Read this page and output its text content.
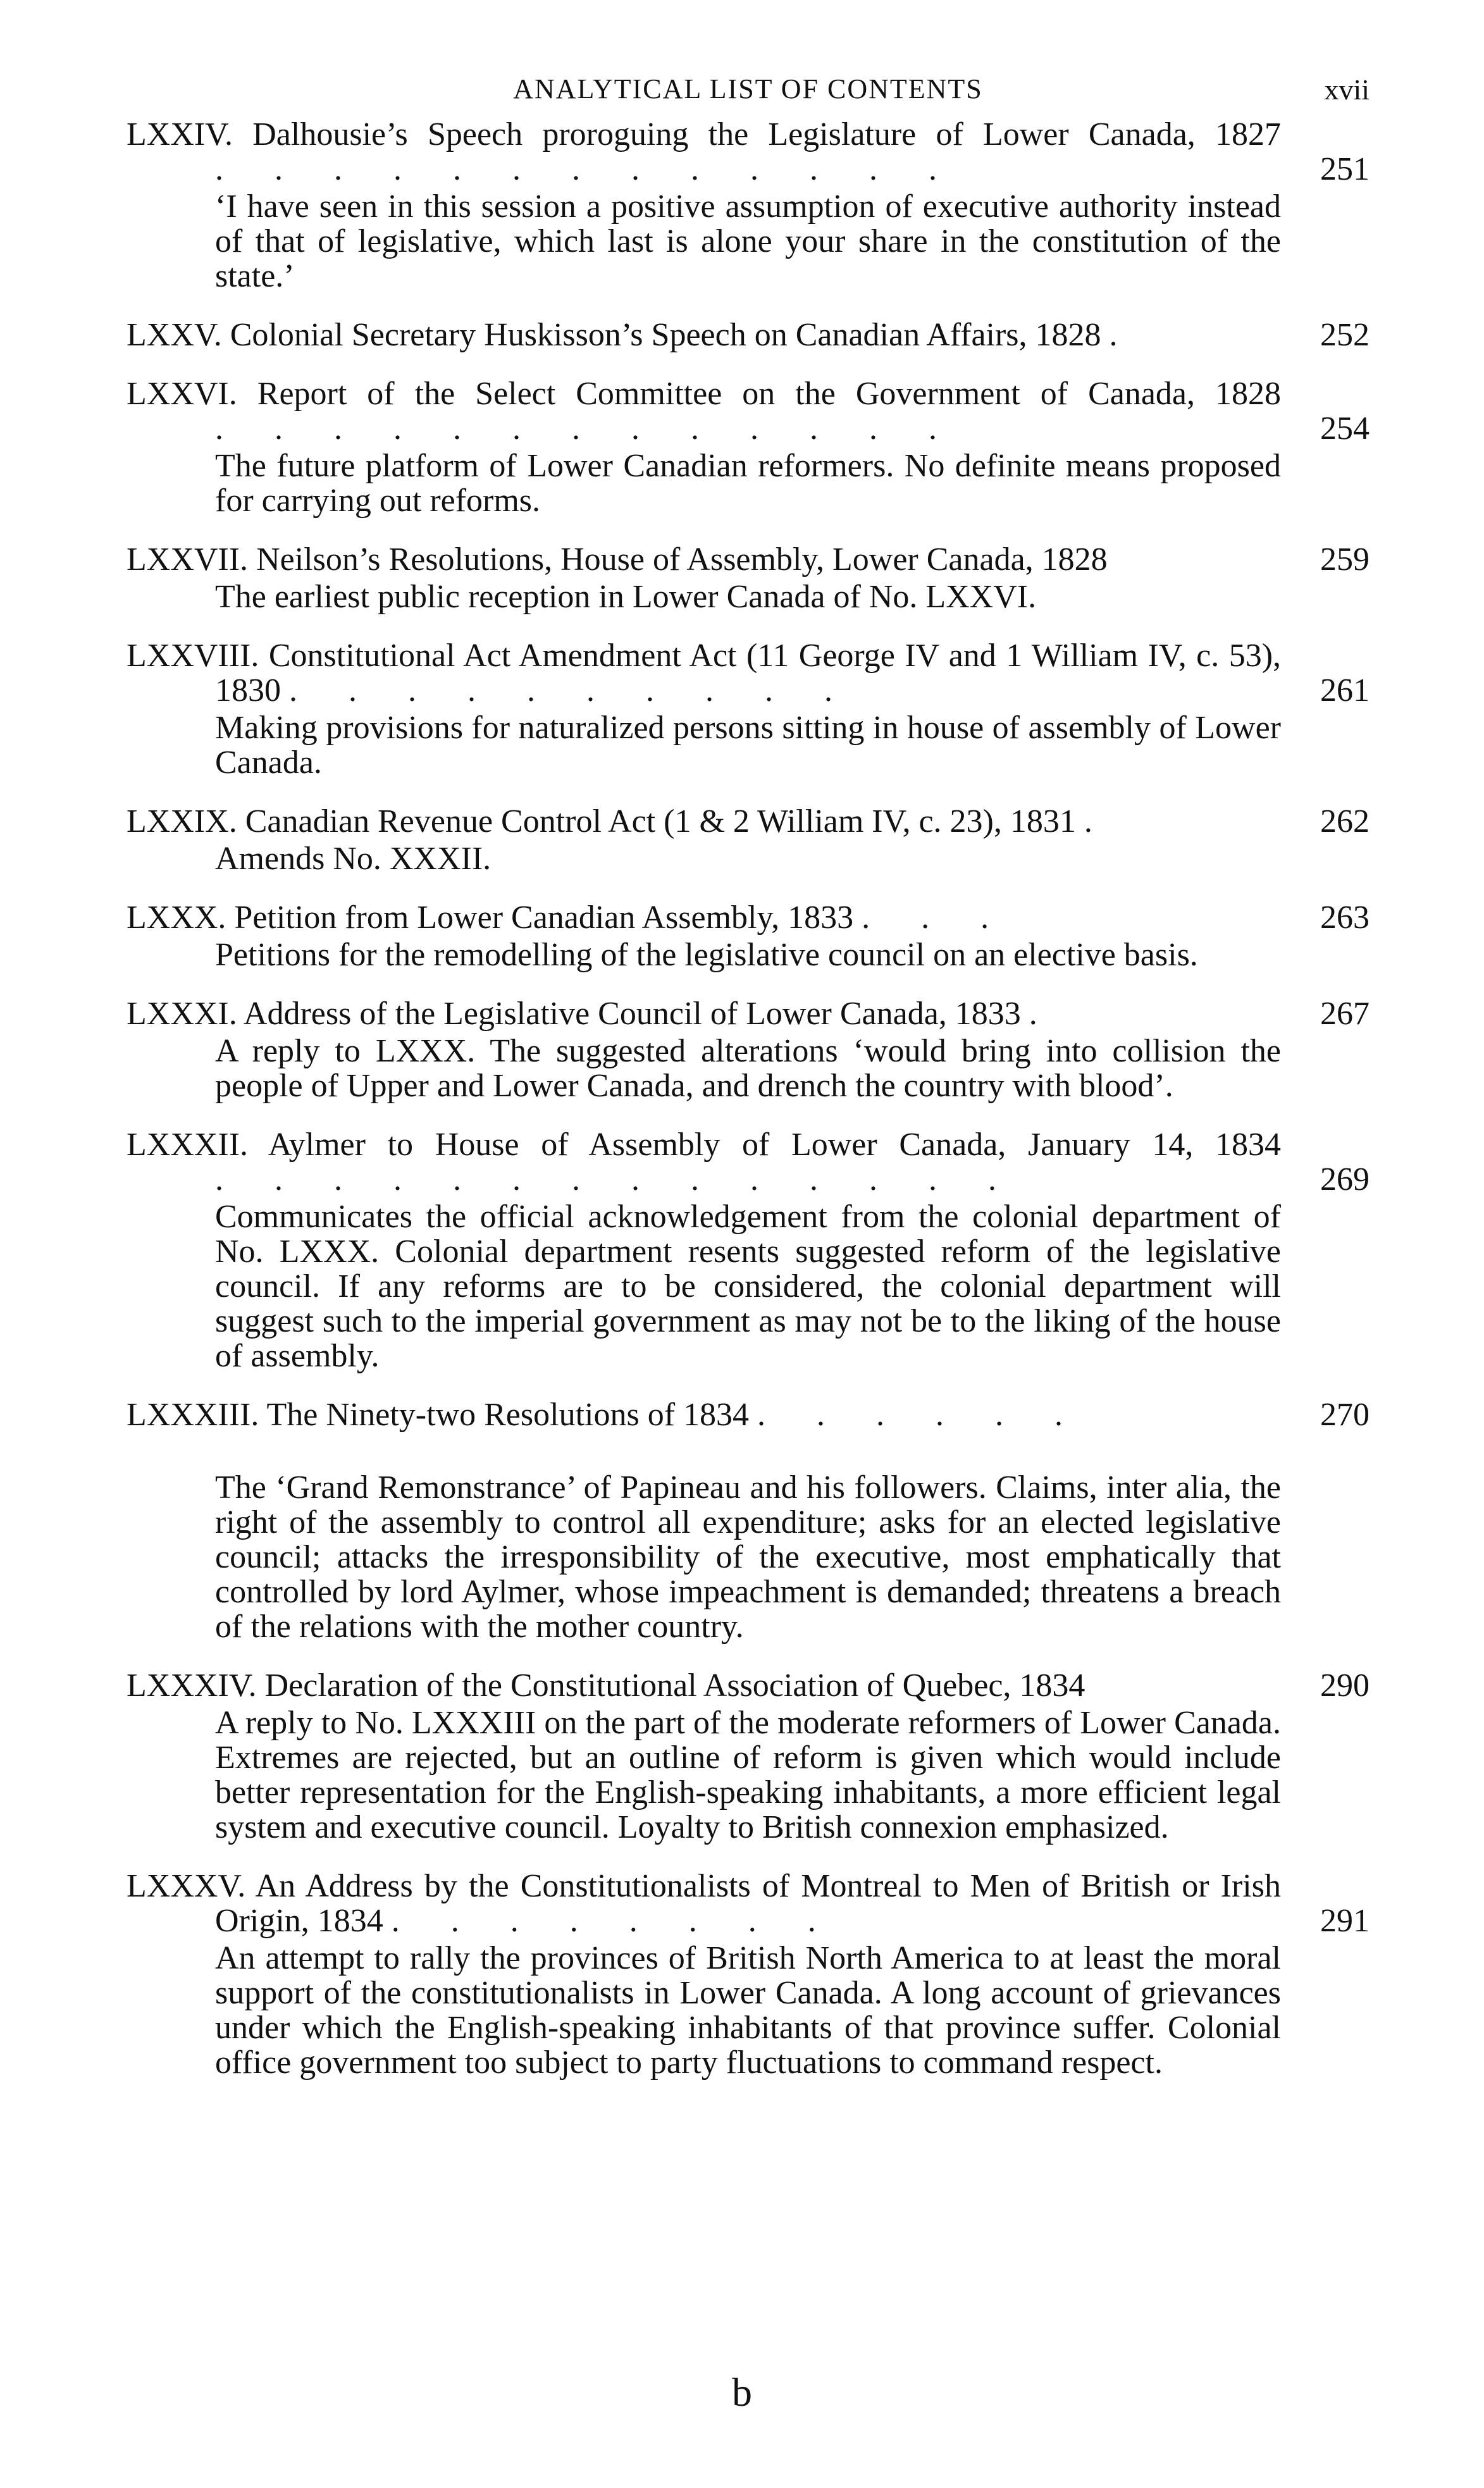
ANALYTICAL LIST OF CONTENTS	xvii
LXXIV. Dalhousie’s Speech proroguing the Legislature of Lower Canada, 1827 . . . . . . . . . . . . .	251
‘I have seen in this session a positive assumption of executive authority instead of that of legislative, which last is alone your share in the constitution of the state.’
LXXV. Colonial Secretary Huskisson’s Speech on Canadian Affairs, 1828 .	252
LXXVI. Report of the Select Committee on the Government of Canada, 1828 . . . . . . . . . . . . .	254
The future platform of Lower Canadian reformers. No definite means proposed for carrying out reforms.
LXXVII. Neilson’s Resolutions, House of Assembly, Lower Canada, 1828	259
The earliest public reception in Lower Canada of No. LXXVI.
LXXVIII. Constitutional Act Amendment Act (11 George IV and 1 William IV, c. 53), 1830 . . . . . . . . . .	261
Making provisions for naturalized persons sitting in house of assembly of Lower Canada.
LXXIX. Canadian Revenue Control Act (1 & 2 William IV, c. 23), 1831 .	262
Amends No. XXXII.
LXXX. Petition from Lower Canadian Assembly, 1833 . . .	263
Petitions for the remodelling of the legislative council on an elective basis.
LXXXI. Address of the Legislative Council of Lower Canada, 1833 .	267
A reply to LXXX. The suggested alterations ‘would bring into collision the people of Upper and Lower Canada, and drench the country with blood’.
LXXXII. Aylmer to House of Assembly of Lower Canada, January 14, 1834 . . . . . . . . . . . . . .	269
Communicates the official acknowledgement from the colonial department of No. LXXX. Colonial department resents suggested reform of the legislative council. If any reforms are to be considered, the colonial department will suggest such to the imperial government as may not be to the liking of the house of assembly.
LXXXIII. The Ninety-two Resolutions of 1834 . . . . . .	270
The ‘Grand Remonstrance’ of Papineau and his followers. Claims, inter alia, the right of the assembly to control all expenditure; asks for an elected legislative council; attacks the irresponsibility of the executive, most emphatically that controlled by lord Aylmer, whose impeachment is demanded; threatens a breach of the relations with the mother country.
LXXXIV. Declaration of the Constitutional Association of Quebec, 1834	290
A reply to No. LXXXIII on the part of the moderate reformers of Lower Canada. Extremes are rejected, but an outline of reform is given which would include better representation for the English-speaking inhabitants, a more efficient legal system and executive council. Loyalty to British connexion emphasized.
LXXXV. An Address by the Constitutionalists of Montreal to Men of British or Irish Origin, 1834 . . . . . . . .	291
An attempt to rally the provinces of British North America to at least the moral support of the constitutionalists in Lower Canada. A long account of grievances under which the English-speaking inhabitants of that province suffer. Colonial office government too subject to party fluctuations to command respect.
b
